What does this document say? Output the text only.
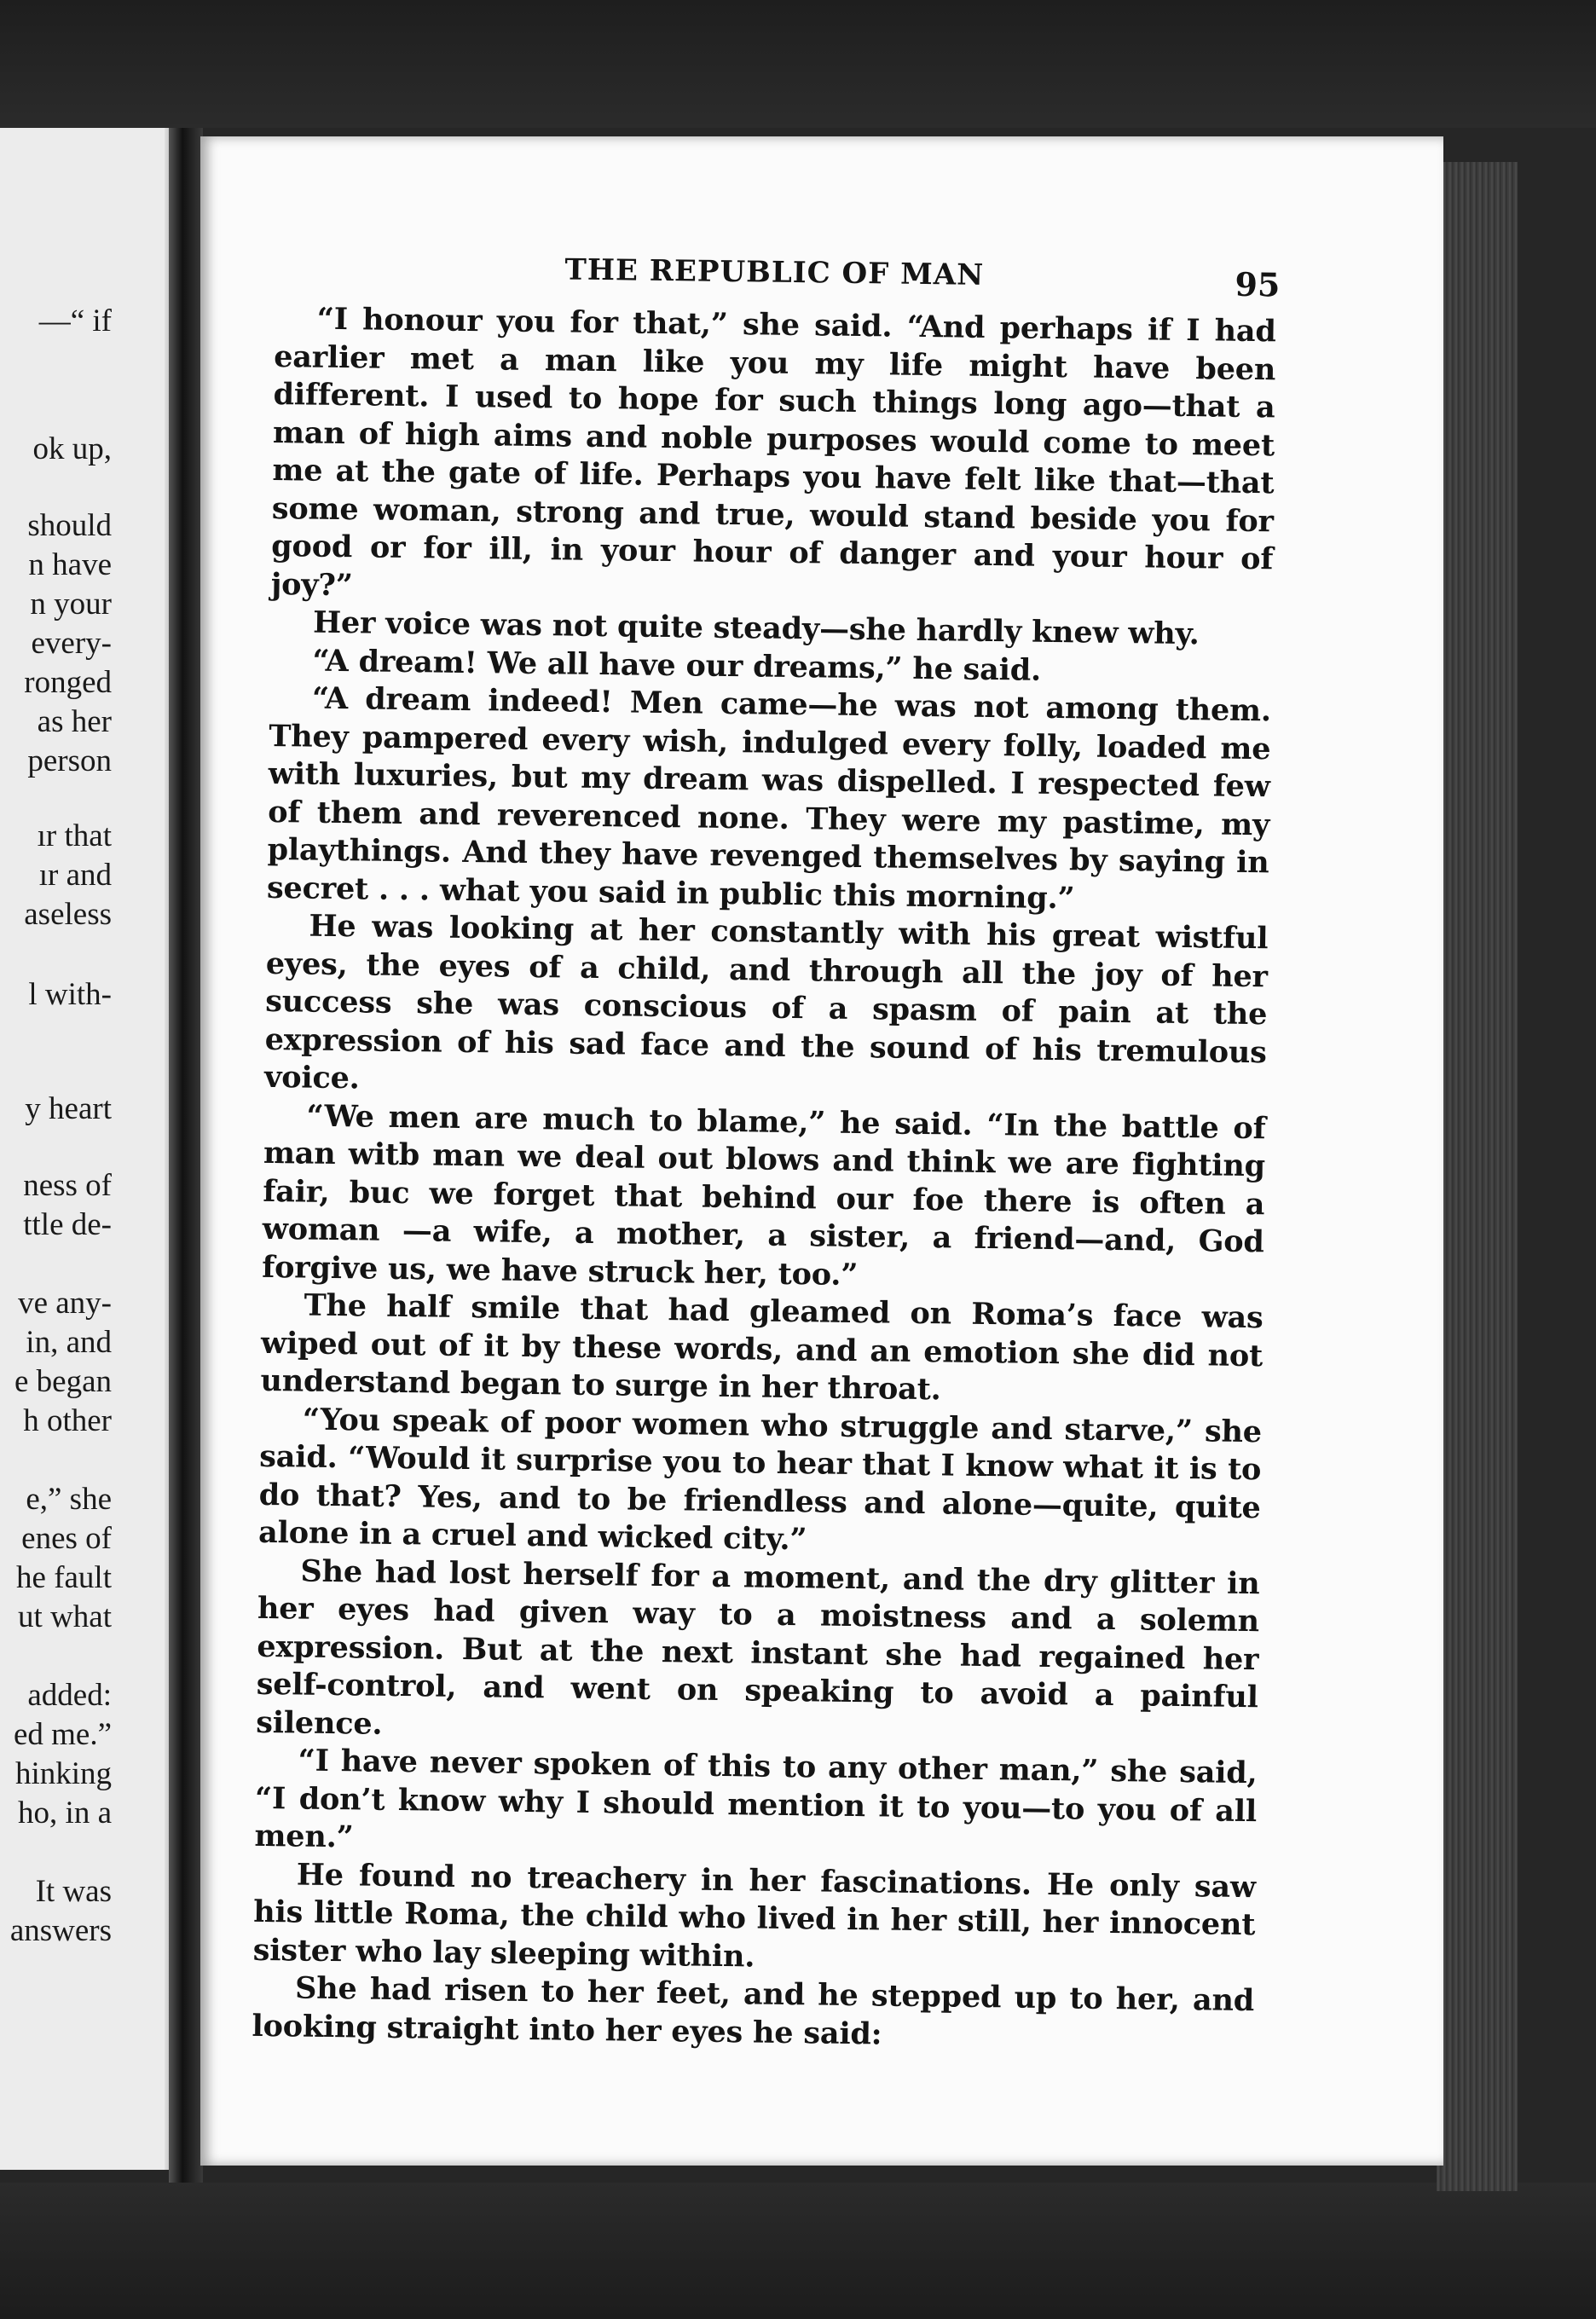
—“ if
ok up,
should
n have
n your
every-
ronged
as her
person
ır that
ır and
aseless
l with-
y heart
ness of
ttle de-
ve any-
in, and
e began
h other
e,” she
enes of
he fault
ut what
added:
ed me.”
hinking
ho, in a
It was
answers
THE REPUBLIC OF MAN	95

“I honour you for that,” she said. “And perhaps if I had earlier met a man like you my life might have been different. I used to hope for such things long ago—that a man of high aims and noble purposes would come to meet me at the gate of life. Perhaps you have felt like that—that some woman, strong and true, would stand beside you for good or for ill, in your hour of danger and your hour of joy?”

Her voice was not quite steady—she hardly knew why.

“A dream! We all have our dreams,” he said.

“A dream indeed! Men came—he was not among them. They pampered every wish, indulged every folly, loaded me with luxuries, but my dream was dispelled. I respected few of them and reverenced none. They were my pastime, my playthings. And they have revenged themselves by saying in secret . . . what you said in public this morning.”

He was looking at her constantly with his great wistful eyes, the eyes of a child, and through all the joy of her success she was conscious of a spasm of pain at the expression of his sad face and the sound of his tremulous voice.

“We men are much to blame,” he said. “In the battle of man witb man we deal out blows and think we are fighting fair, buc we forget that behind our foe there is often a woman —a wife, a mother, a sister, a friend—and, God forgive us, we have struck her, too.”

The half smile that had gleamed on Roma’s face was wiped out of it by these words, and an emotion she did not understand began to surge in her throat.

“You speak of poor women who struggle and starve,” she said. “Would it surprise you to hear that I know what it is to do that? Yes, and to be friendless and alone—quite, quite alone in a cruel and wicked city.”

She had lost herself for a moment, and the dry glitter in her eyes had given way to a moistness and a solemn expression. But at the next instant she had regained her self-control, and went on speaking to avoid a painful silence.

“I have never spoken of this to any other man,” she said, “I don’t know why I should mention it to you—to you of all men.”

He found no treachery in her fascinations. He only saw his little Roma, the child who lived in her still, her innocent sister who lay sleeping within.

She had risen to her feet, and he stepped up to her, and looking straight into her eyes he said:
